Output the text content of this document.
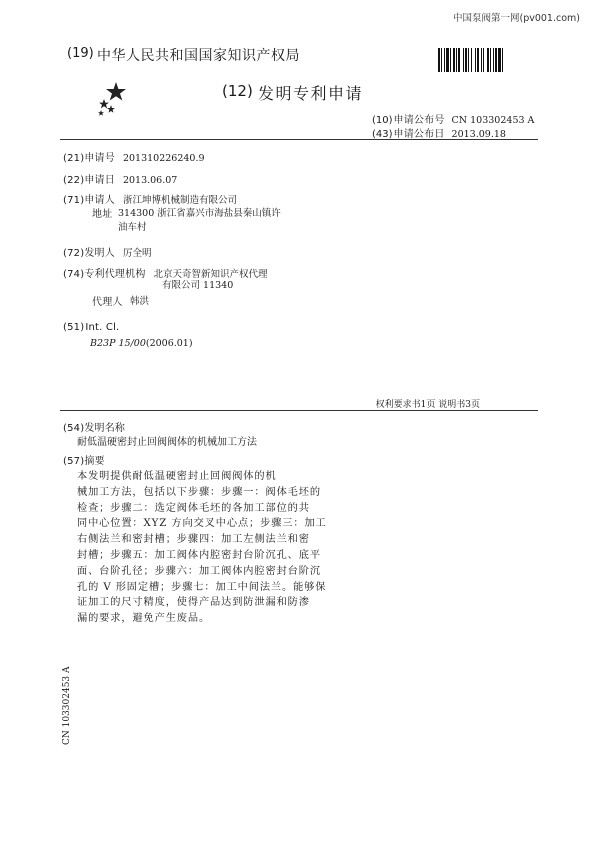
中国泵阀第一网(pv001.com)
(19) 中华人民共和国国家知识产权局
(12) 发明专利申请
(10)申请公布号 CN 103302453 A
(43)申请公布日 2013.09.18
(21)申请号 201310226240.9
(22)申请日 2013.06.07
(71)申请人 浙江坤博机械制造有限公司
地址 314300 浙江省嘉兴市海盐县秦山镇许
油车村
(72)发明人 厉全明
(74)专利代理机构 北京天奇智新知识产权代理
有限公司 11340
代理人 韩洪
(51)Int. Cl.
B23P 15/00(2006.01)
权利要求书1页 说明书3页
(54)发明名称
耐低温硬密封止回阀阀体的机械加工方法
(57)摘要
本发明提供耐低温硬密封止回阀阀体的机
械加工方法，包括以下步骤：步骤一：阀体毛坯的
检查；步骤二：选定阀体毛坯的各加工部位的共
同中心位置：XYZ 方向交叉中心点；步骤三：加工
右侧法兰和密封槽；步骤四：加工左侧法兰和密
封槽；步骤五：加工阀体内腔密封台阶沉孔、底平
面、台阶孔径；步骤六：加工阀体内腔密封台阶沉
孔的 V 形固定槽；步骤七：加工中间法兰。能够保
证加工的尺寸精度，使得产品达到防泄漏和防渗
漏的要求，避免产生废品。
CN 103302453 A
